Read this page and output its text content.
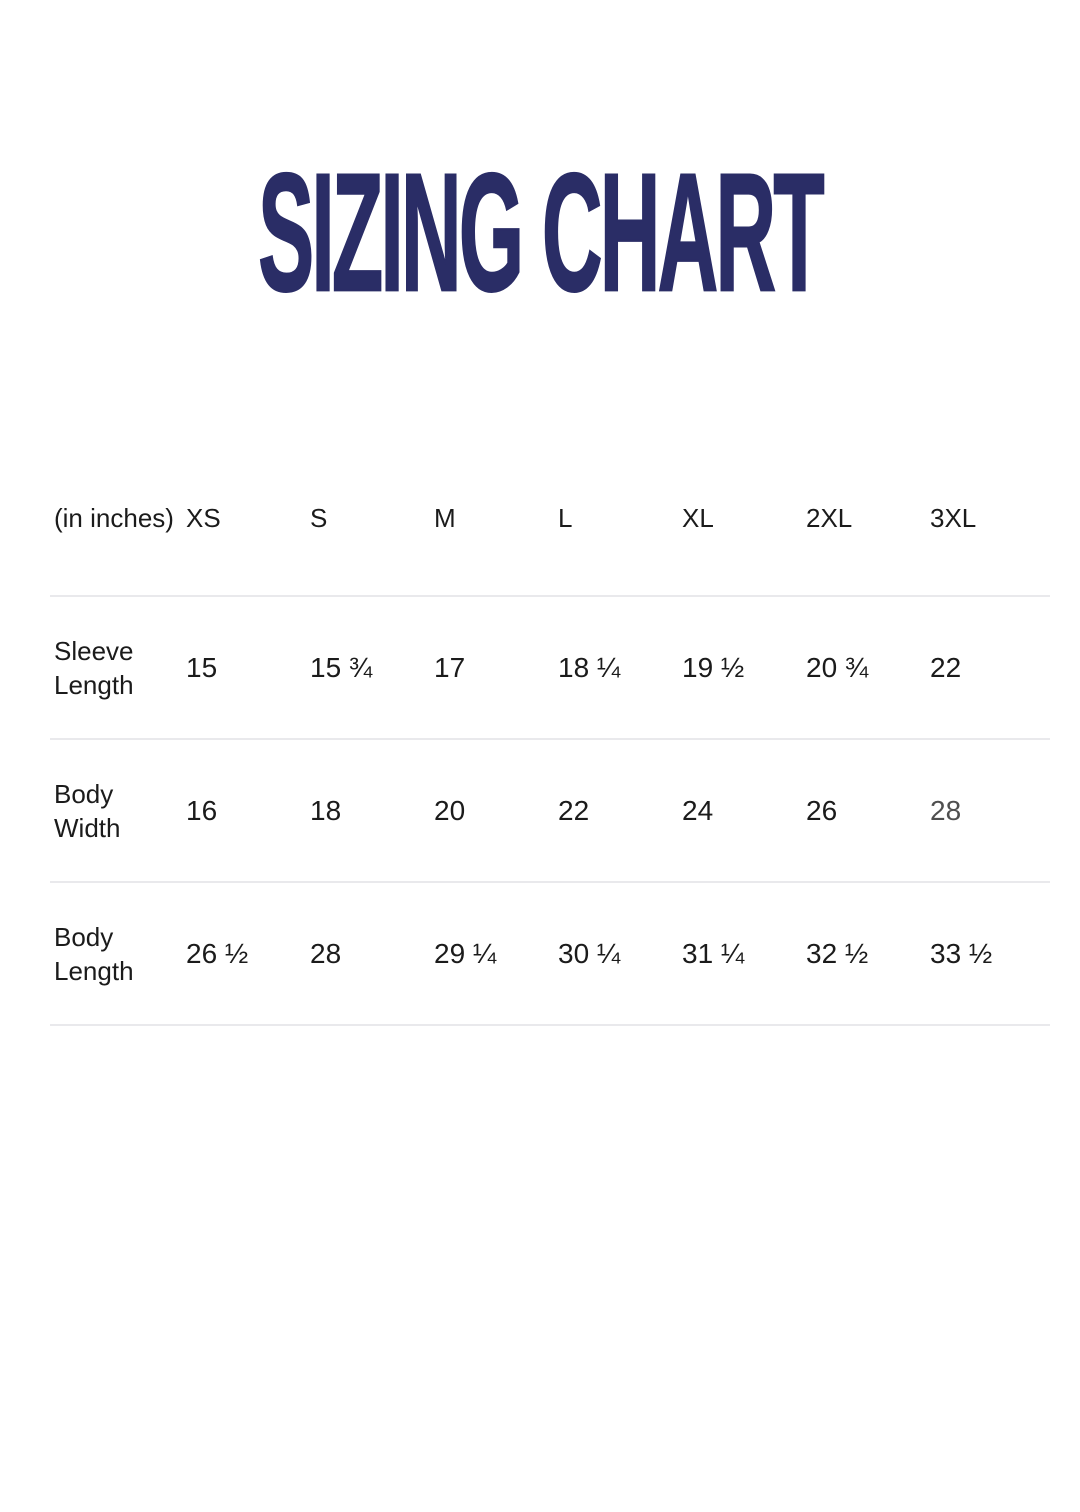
SIZING CHART
(in inches)	XS	S	M	L	XL	2XL	3XL
Sleeve Length	15	15 ¾	17	18 ¼	19 ½	20 ¾	22
Body Width	16	18	20	22	24	26	28
Body Length	26 ½	28	29 ¼	30 ¼	31 ¼	32 ½	33 ½
